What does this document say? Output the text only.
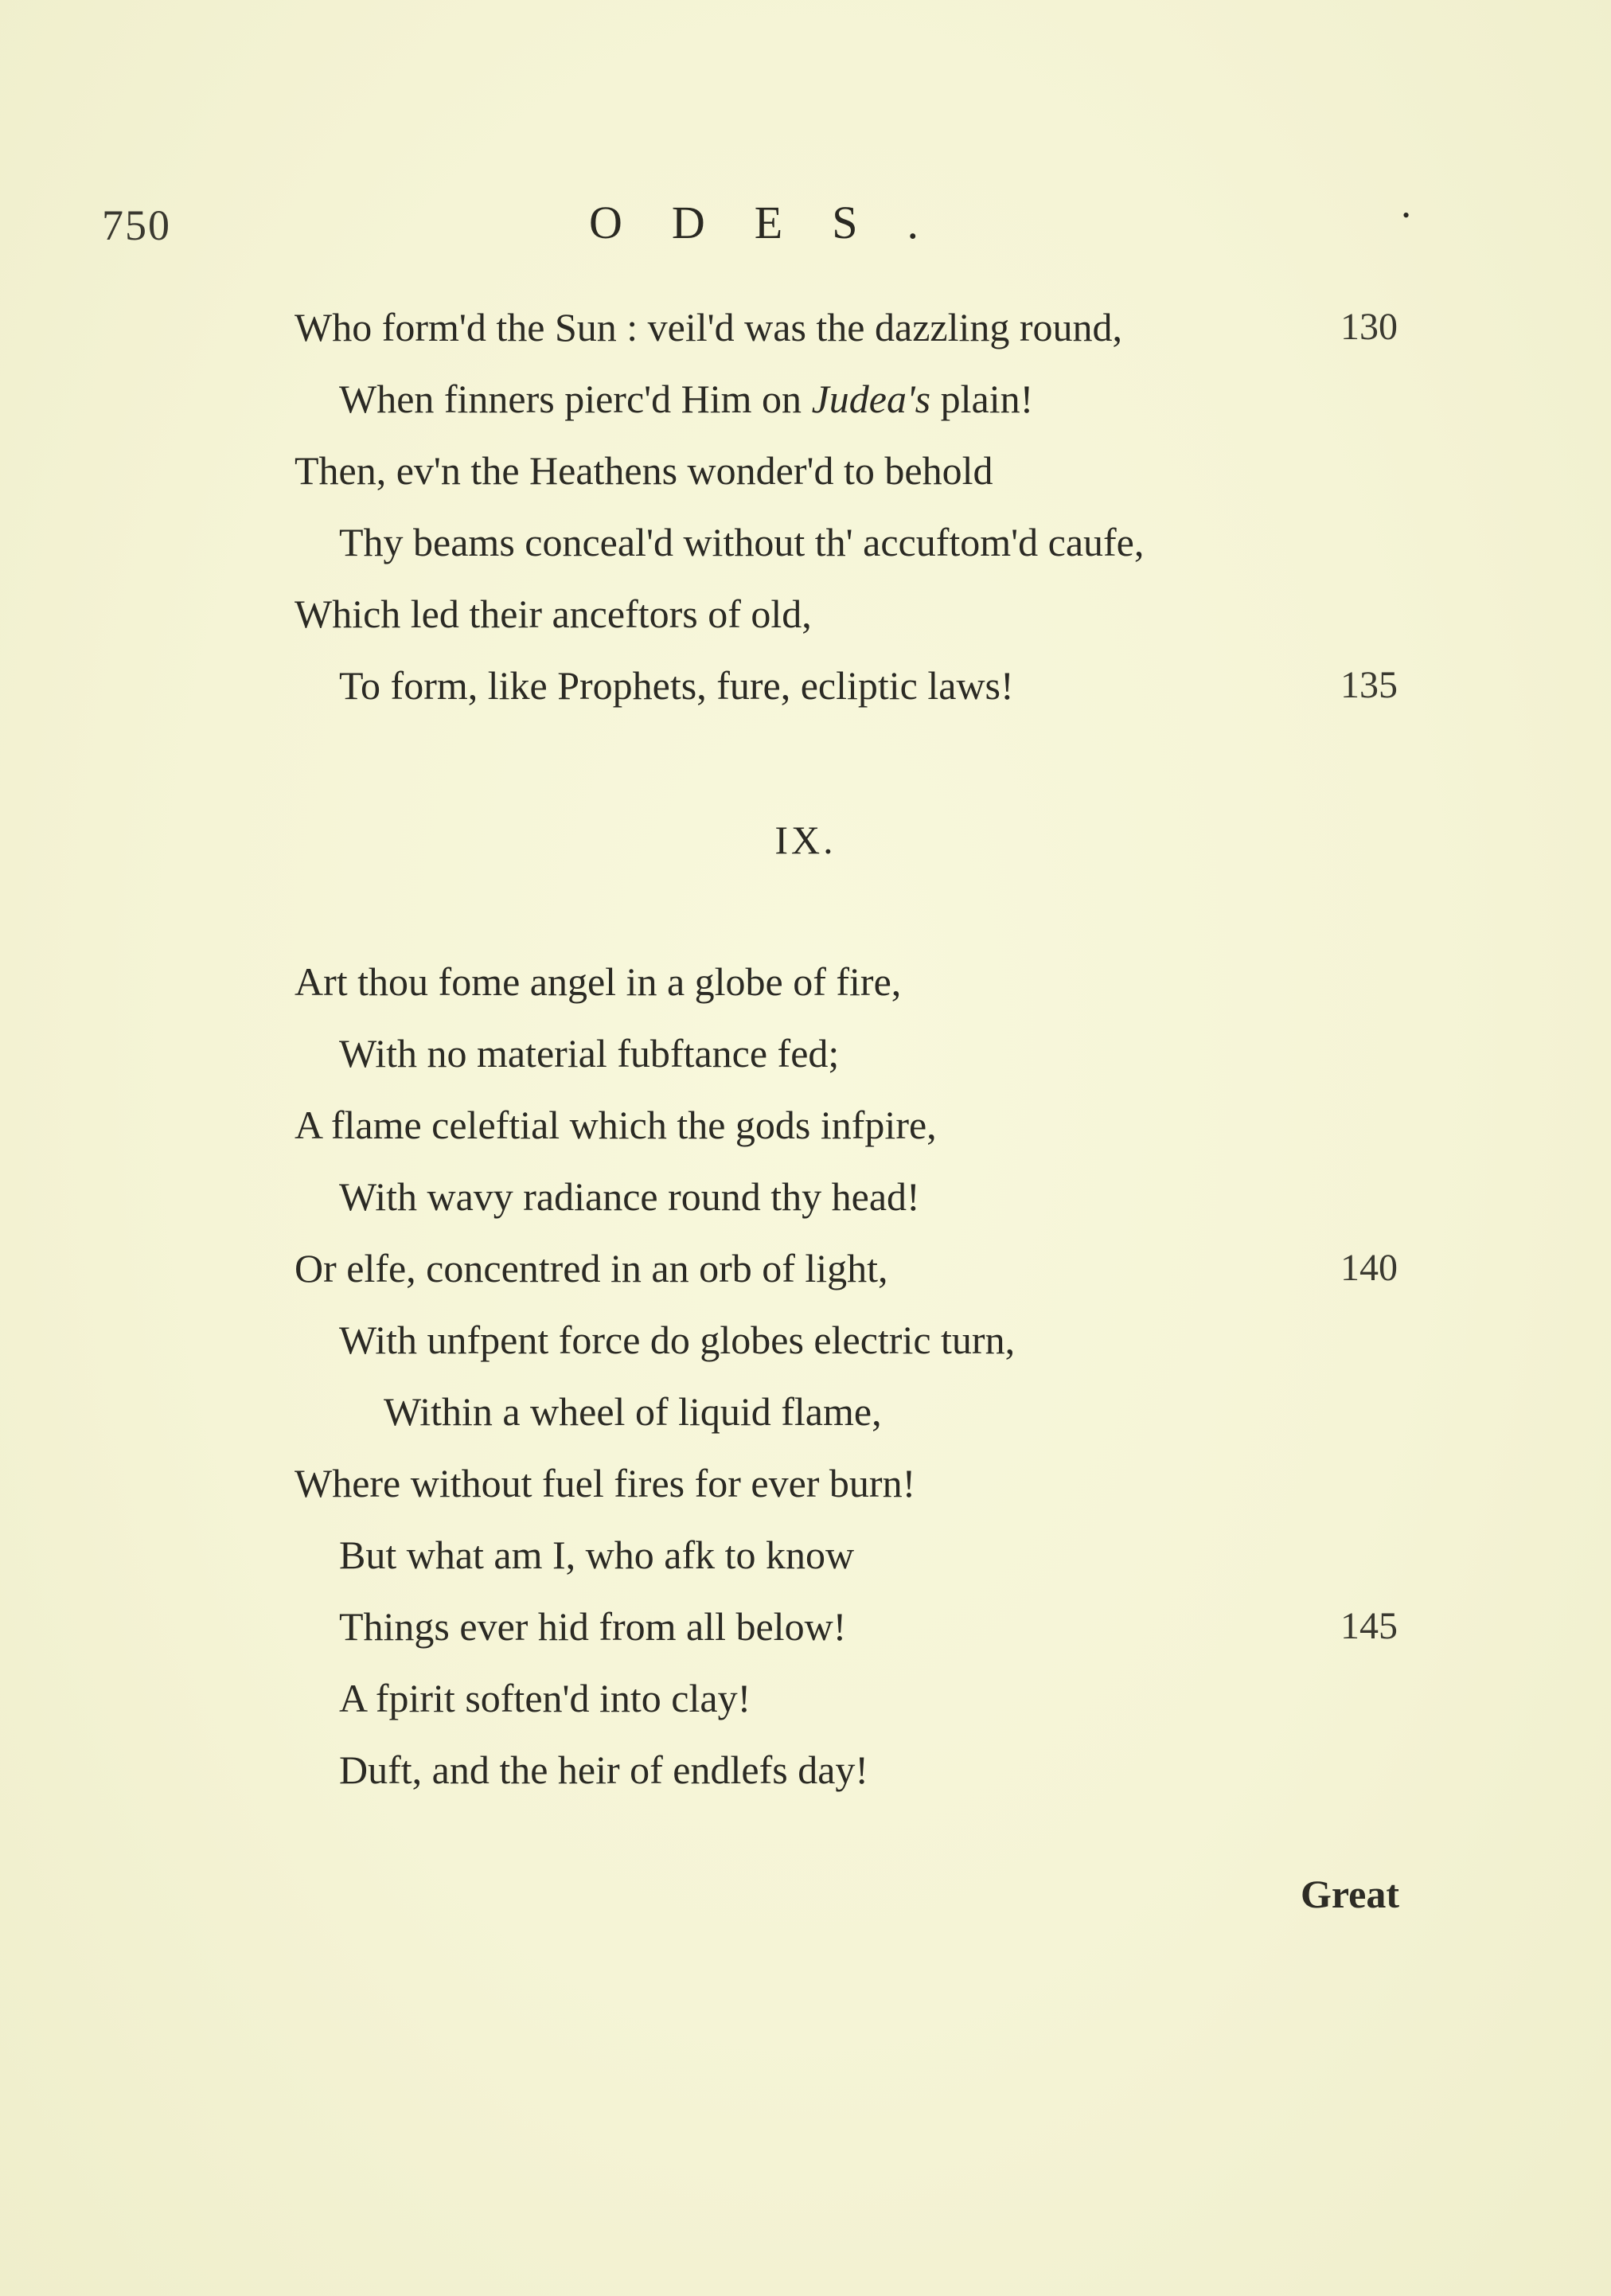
750	ODES.	•
Who form'd the Sun : veil'd was the dazzling round,	130
When finners pierc'd Him on Judea's plain!
Then, ev'n the Heathens wonder'd to behold
Thy beams conceal'd without th' accuftom'd caufe,
Which led their anceftors of old,
To form, like Prophets, fure, ecliptic laws!	135
IX.
Art thou fome angel in a globe of fire,
With no material fubftance fed;
A flame celeftial which the gods infpire,
With wavy radiance round thy head!
Or elfe, concentred in an orb of light,	140
With unfpent force do globes electric turn,
Within a wheel of liquid flame,
Where without fuel fires for ever burn!
But what am I, who afk to know
Things ever hid from all below!	145
A fpirit soften'd into clay!
Duft, and the heir of endlefs day!
Great
